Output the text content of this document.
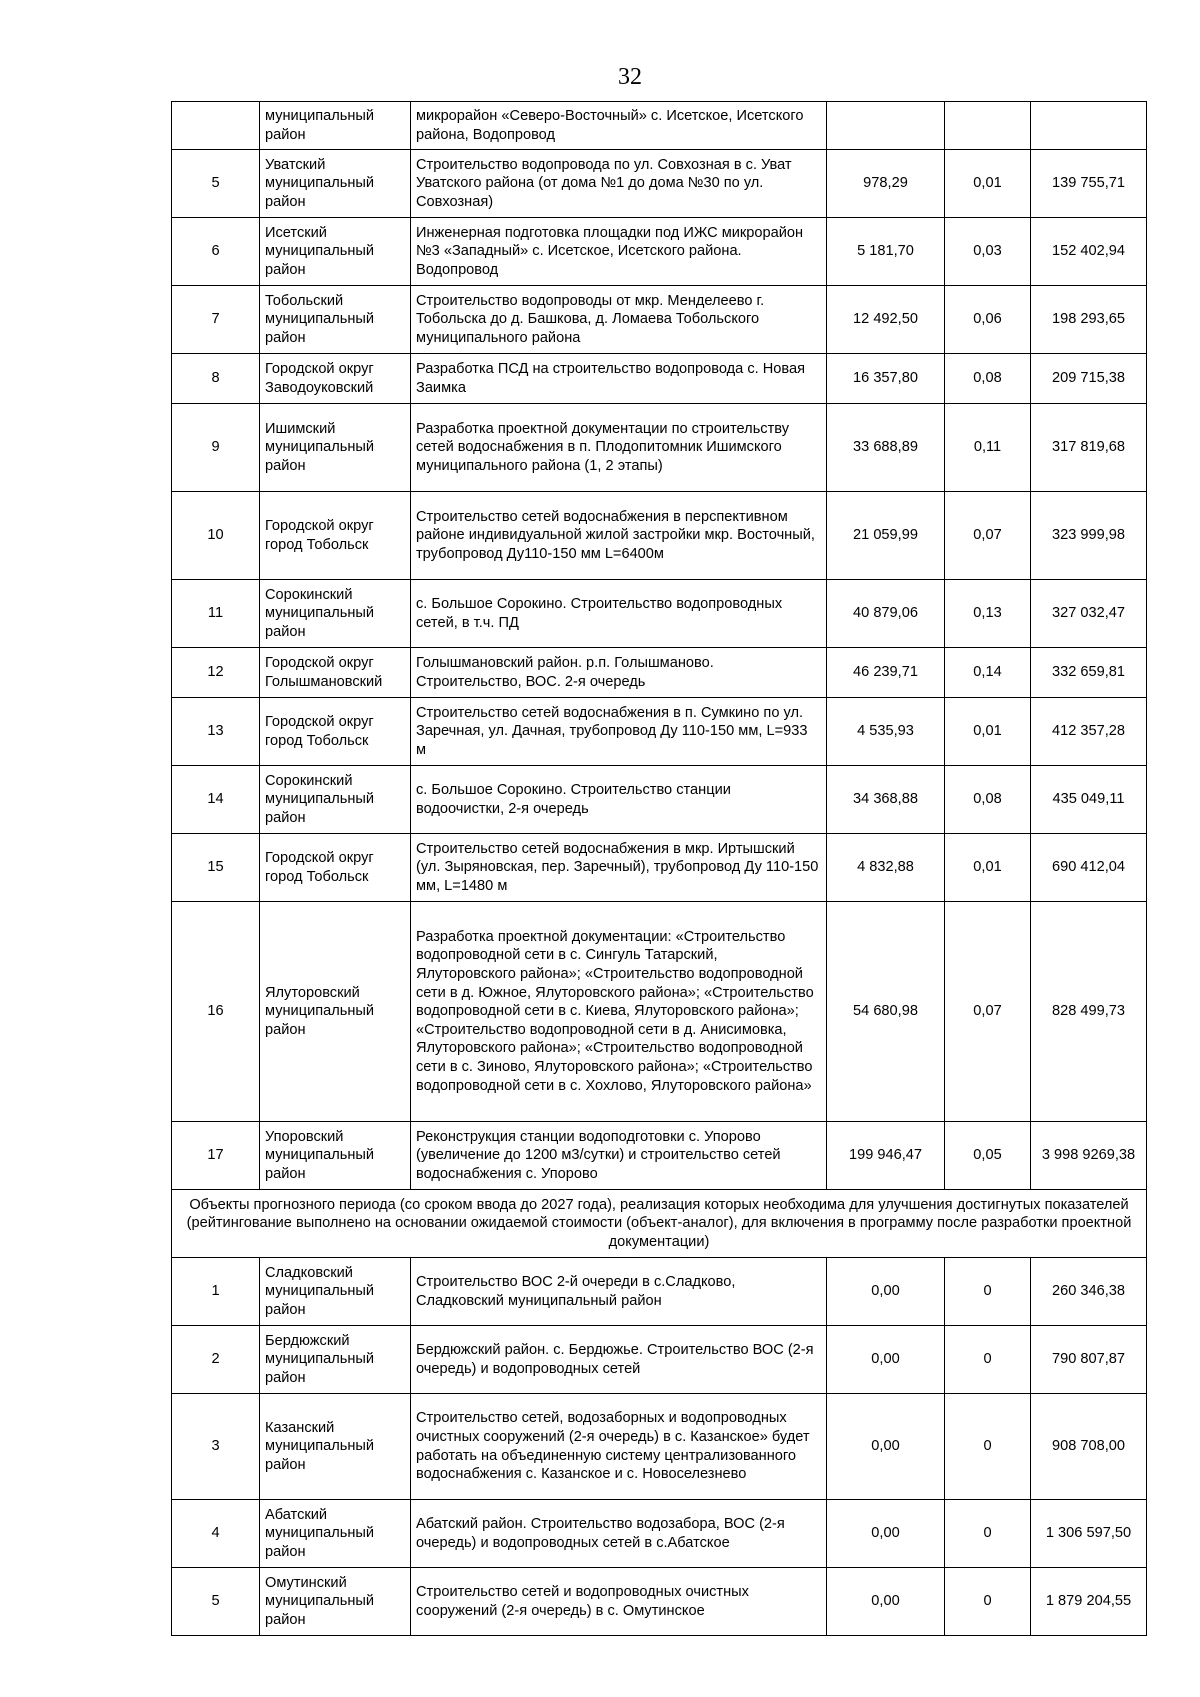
32
	муниципальный район	микрорайон «Северо-Восточный» с. Исетское, Исетского района, Водопровод			
5	Уватский муниципальный район	Строительство водопровода по ул. Совхозная в с. Уват Уватского района (от дома №1 до дома №30 по ул. Совхозная)	978,29	0,01	139 755,71
6	Исетский муниципальный район	Инженерная подготовка площадки под ИЖС микрорайон №3 «Западный» с. Исетское, Исетского района. Водопровод	5 181,70	0,03	152 402,94
7	Тобольский муниципальный район	Строительство водопроводы от мкр. Менделеево г. Тобольска до д. Башкова, д. Ломаева Тобольского муниципального района	12 492,50	0,06	198 293,65
8	Городской округ Заводоуковский	Разработка ПСД на строительство водопровода с. Новая Заимка	16 357,80	0,08	209 715,38
9	Ишимский муниципальный район	Разработка проектной документации по строительству сетей водоснабжения в п. Плодопитомник Ишимского муниципального района (1, 2 этапы)	33 688,89	0,11	317 819,68
10	Городской округ город Тобольск	Строительство сетей водоснабжения в перспективном районе индивидуальной жилой застройки мкр. Восточный, трубопровод Ду110-150 мм L=6400м	21 059,99	0,07	323 999,98
11	Сорокинский муниципальный район	с. Большое Сорокино. Строительство водопроводных сетей, в т.ч. ПД	40 879,06	0,13	327 032,47
12	Городской округ Голышмановский	Голышмановский район. р.п. Голышманово. Строительство, ВОС. 2-я очередь	46 239,71	0,14	332 659,81
13	Городской округ город Тобольск	Строительство сетей водоснабжения в п. Сумкино по ул. Заречная, ул. Дачная, трубопровод Ду 110-150 мм, L=933 м	4 535,93	0,01	412 357,28
14	Сорокинский муниципальный район	с. Большое Сорокино. Строительство станции водоочистки, 2-я очередь	34 368,88	0,08	435 049,11
15	Городской округ город Тобольск	Строительство сетей водоснабжения в мкр. Иртышский (ул. Зыряновская, пер. Заречный), трубопровод Ду 110-150 мм, L=1480 м	4 832,88	0,01	690 412,04
16	Ялуторовский муниципальный район	Разработка проектной документации: «Строительство водопроводной сети в с. Сингуль Татарский, Ялуторовского района»; «Строительство водопроводной сети в д. Южное, Ялуторовского района»; «Строительство водопроводной сети в с. Киева, Ялуторовского района»; «Строительство водопроводной сети в д. Анисимовка, Ялуторовского района»; «Строительство водопроводной сети в с. Зиново, Ялуторовского района»; «Строительство водопроводной сети в с. Хохлово, Ялуторовского района»	54 680,98	0,07	828 499,73
17	Упоровский муниципальный район	Реконструкция станции водоподготовки с. Упорово (увеличение до 1200 м3/сутки) и строительство сетей водоснабжения с. Упорово	199 946,47	0,05	3 998 9269,38
Объекты прогнозного периода (со сроком ввода до 2027 года), реализация которых необходима для улучшения достигнутых показателей (рейтингование выполнено на основании ожидаемой стоимости (объект-аналог), для включения в программу после разработки проектной документации)					
1	Сладковский муниципальный район	Строительство ВОС 2-й очереди в с.Сладково, Сладковский муниципальный район	0,00	0	260 346,38
2	Бердюжский муниципальный район	Бердюжский район. с. Бердюжье. Строительство ВОС (2-я очередь) и водопроводных сетей	0,00	0	790 807,87
3	Казанский муниципальный район	Строительство сетей, водозаборных и водопроводных очистных сооружений (2-я очередь) в с. Казанское» будет работать на объединенную систему централизованного водоснабжения с. Казанское и с. Новоселезнево	0,00	0	908 708,00
4	Абатский муниципальный район	Абатский район. Строительство водозабора, ВОС (2-я очередь) и водопроводных сетей в с.Абатское	0,00	0	1 306 597,50
5	Омутинский муниципальный район	Строительство сетей и водопроводных очистных сооружений (2-я очередь) в с. Омутинское	0,00	0	1 879 204,55
